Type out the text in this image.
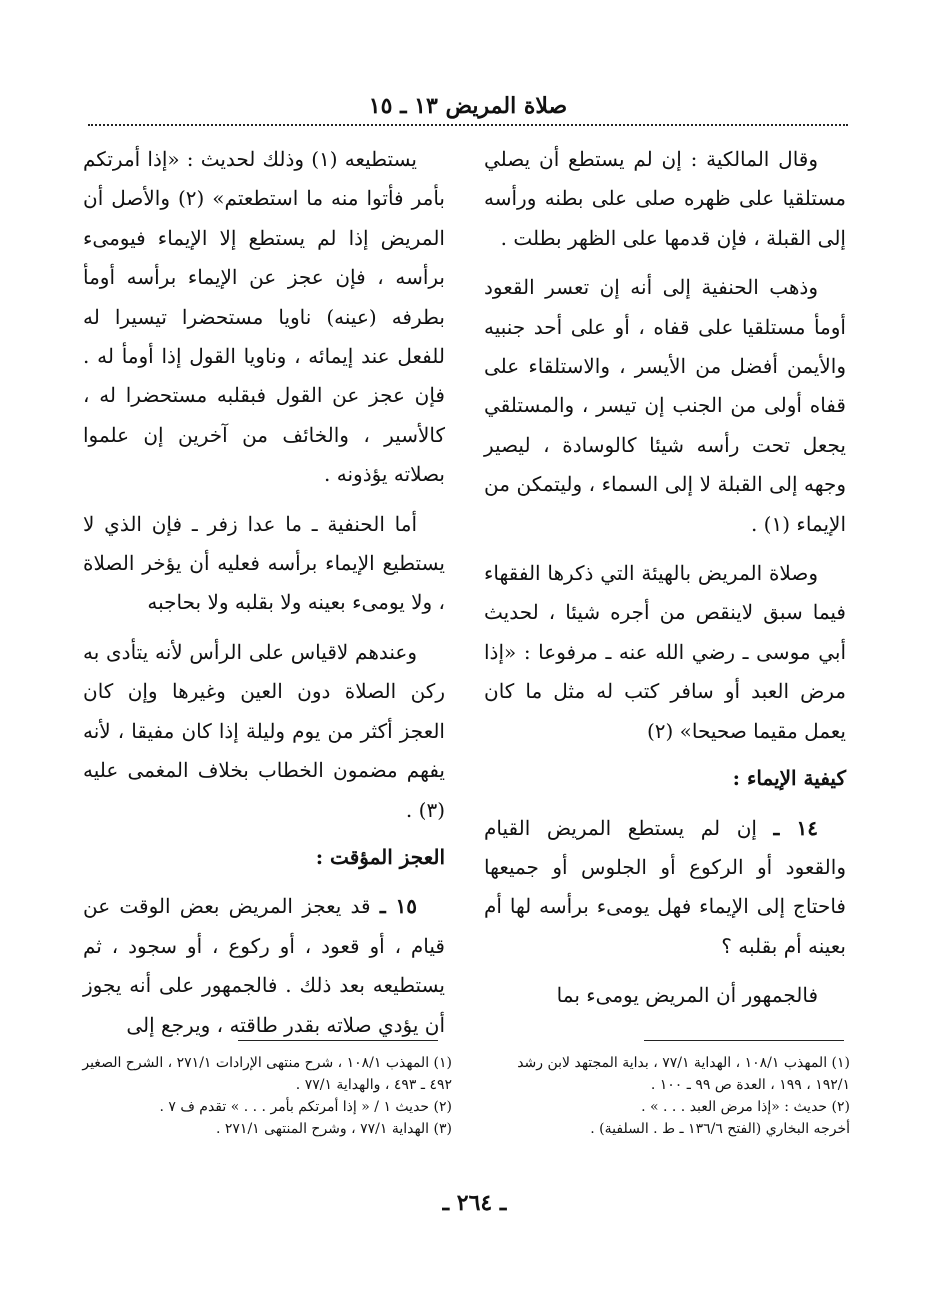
صلاة المريض ١٣ ـ ١٥

وقال المالكية : إن لم يستطع أن يصلي مستلقيا على ظهره صلى على بطنه ورأسه إلى القبلة ، فإن قدمها على الظهر بطلت .

وذهب الحنفية إلى أنه إن تعسر القعود أومأ مستلقيا على قفاه ، أو على أحد جنبيه والأيمن أفضل من الأيسر ، والاستلقاء على قفاه أولى من الجنب إن تيسر ، والمستلقي يجعل تحت رأسه شيئا كالوسادة ، ليصير وجهه إلى القبلة لا إلى السماء ، وليتمكن من الإيماء (١) .

وصلاة المريض بالهيئة التي ذكرها الفقهاء فيما سبق لاينقص من أجره شيئا ، لحديث أبي موسى ـ رضي الله عنه ـ مرفوعا : «إذا مرض العبد أو سافر كتب له مثل ما كان يعمل مقيما صحيحا» (٢)

كيفية الإيماء :

١٤ ـ إن لم يستطع المريض القيام والقعود أو الركوع أو الجلوس أو جميعها فاحتاج إلى الإيماء فهل يومىء برأسه لها أم بعينه أم بقلبه ؟

فالجمهور أن المريض يومىء بما

يستطيعه (١) وذلك لحديث : «إذا أمرتكم بأمر فأتوا منه ما استطعتم» (٢) والأصل أن المريض إذا لم يستطع إلا الإيماء فيومىء برأسه ، فإن عجز عن الإيماء برأسه أومأ بطرفه (عينه) ناويا مستحضرا تيسيرا له للفعل عند إيمائه ، وناويا القول إذا أومأ له . فإن عجز عن القول فبقلبه مستحضرا له ، كالأسير ، والخائف من آخرين إن علموا بصلاته يؤذونه .

أما الحنفية ـ ما عدا زفر ـ فإن الذي لا يستطيع الإيماء برأسه فعليه أن يؤخر الصلاة ، ولا يومىء بعينه ولا بقلبه ولا بحاجبه

وعندهم لاقياس على الرأس لأنه يتأدى به ركن الصلاة دون العين وغيرها وإن كان العجز أكثر من يوم وليلة إذا كان مفيقا ، لأنه يفهم مضمون الخطاب بخلاف المغمى عليه (٣) .

العجز المؤقت :

١٥ ـ قد يعجز المريض بعض الوقت عن قيام ، أو قعود ، أو ركوع ، أو سجود ، ثم يستطيعه بعد ذلك . فالجمهور على أنه يجوز أن يؤدي صلاته بقدر طاقته ، ويرجع إلى

(١) المهذب ١٠٨/١ ، الهداية ٧٧/١ ، بداية المجتهد لابن رشد ١٩٢/١ ، ١٩٩ ، العدة ص ٩٩ ـ ١٠٠ .

(٢) حديث : «إذا مرض العبد . . . » .

أخرجه البخاري (الفتح ١٣٦/٦ ـ ط . السلفية) .

(١) المهذب ١٠٨/١ ، شرح منتهى الإرادات ٢٧١/١ ، الشرح الصغير ٤٩٢ ـ ٤٩٣ ، والهداية ٧٧/١ .

(٢) حديث ١ / « إذا أمرتكم بأمر . . . » تقدم ف ٧ .

(٣) الهداية ٧٧/١ ، وشرح المنتهى ٢٧١/١ .

ـ ٢٦٤ ـ
